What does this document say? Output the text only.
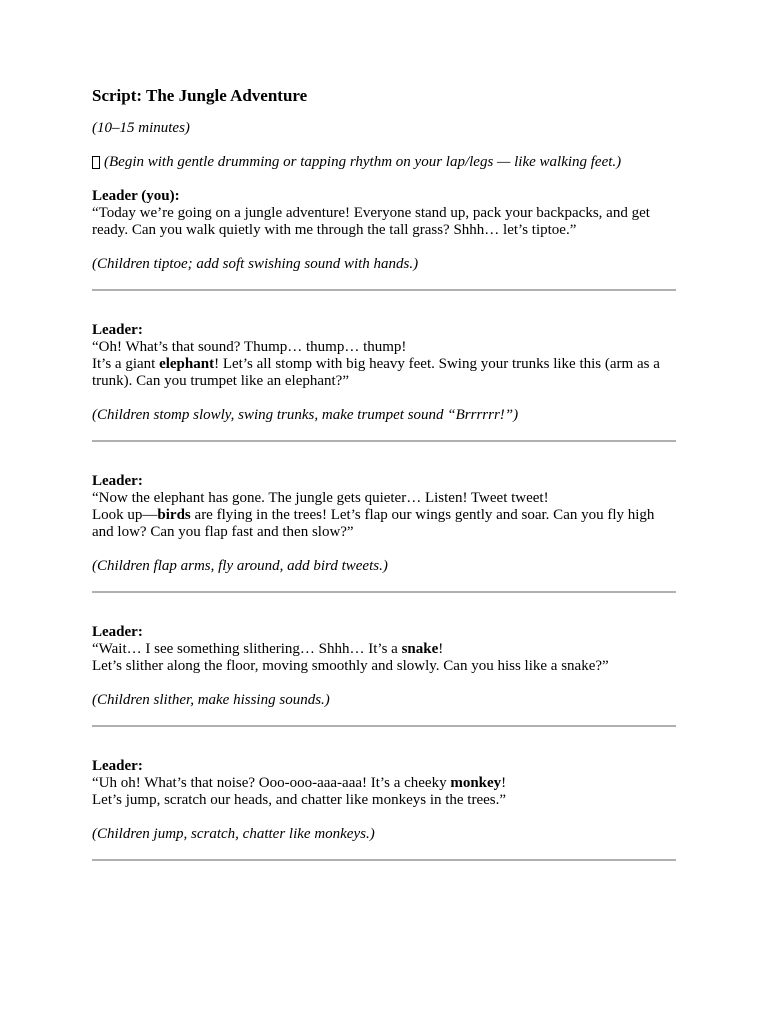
Script: The Jungle Adventure
(10–15 minutes)
(Begin with gentle drumming or tapping rhythm on your lap/legs — like walking feet.)
Leader (you):

“Today we’re going on a jungle adventure! Everyone stand up, pack your backpacks, and get ready. Can you walk quietly with me through the tall grass? Shhh… let’s tiptoe.”

(Children tiptoe; add soft swishing sound with hands.)
Leader:

“Oh! What’s that sound? Thump… thump… thump!

It’s a giant elephant! Let’s all stomp with big heavy feet. Swing your trunks like this (arm as a trunk). Can you trumpet like an elephant?”

(Children stomp slowly, swing trunks, make trumpet sound “Brrrrrr!”)
Leader:

“Now the elephant has gone. The jungle gets quieter… Listen! Tweet tweet!

Look up—birds are flying in the trees! Let’s flap our wings gently and soar. Can you fly high and low? Can you flap fast and then slow?”

(Children flap arms, fly around, add bird tweets.)
Leader:

“Wait… I see something slithering… Shhh… It’s a snake!

Let’s slither along the floor, moving smoothly and slowly. Can you hiss like a snake?”

(Children slither, make hissing sounds.)
Leader:

“Uh oh! What’s that noise? Ooo-ooo-aaa-aaa! It’s a cheeky monkey!

Let’s jump, scratch our heads, and chatter like monkeys in the trees.”

(Children jump, scratch, chatter like monkeys.)
